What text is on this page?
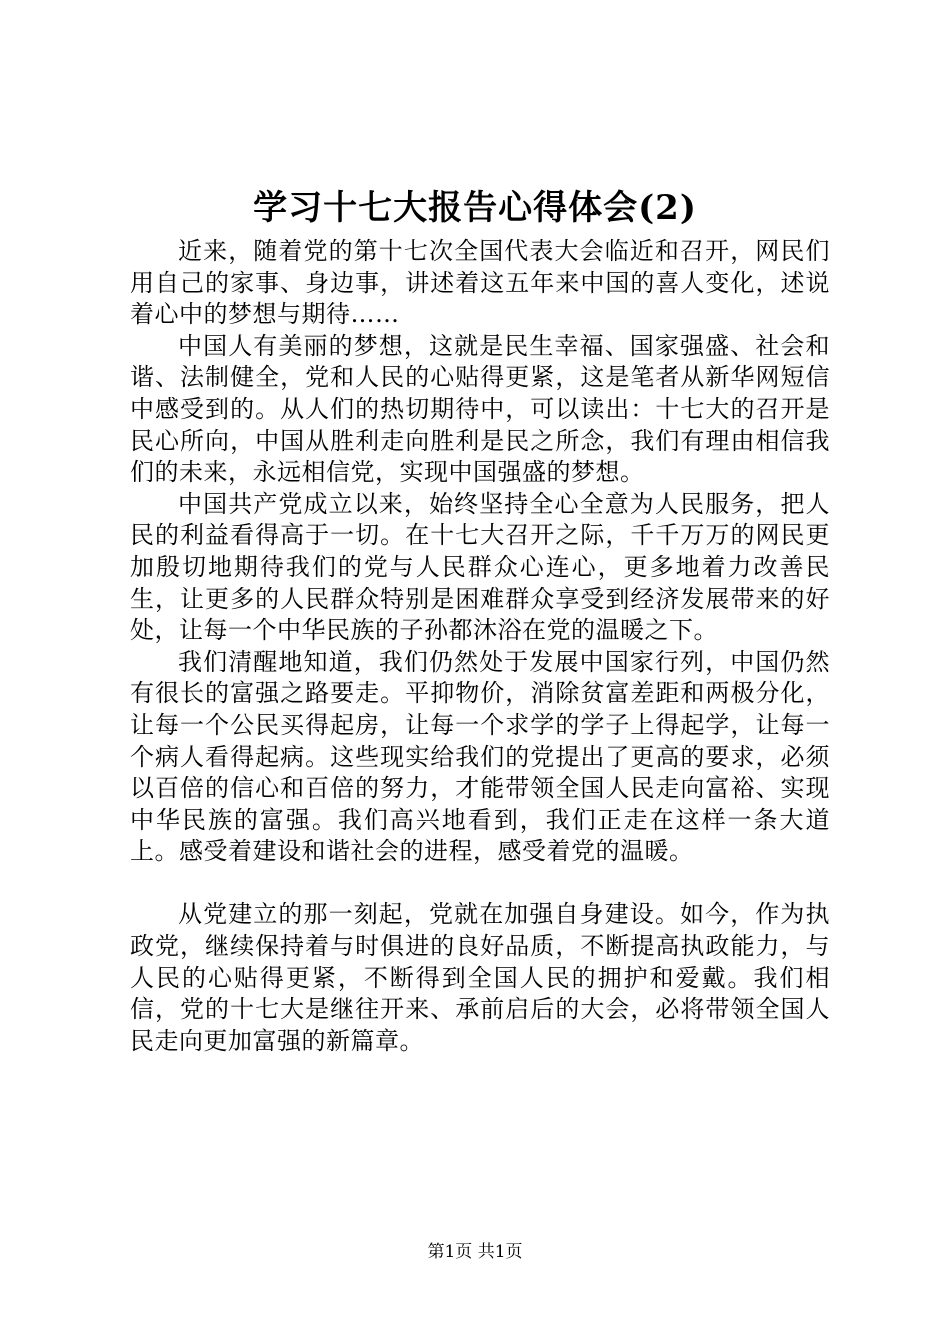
学习十七大报告心得体会(2)

近来，随着党的第十七次全国代表大会临近和召开，网民们用自己的家事、身边事，讲述着这五年来中国的喜人变化，述说着心中的梦想与期待……

中国人有美丽的梦想，这就是民生幸福、国家强盛、社会和谐、法制健全，党和人民的心贴得更紧，这是笔者从新华网短信中感受到的。从人们的热切期待中，可以读出：十七大的召开是民心所向，中国从胜利走向胜利是民之所念，我们有理由相信我们的未来，永远相信党，实现中国强盛的梦想。

中国共产党成立以来，始终坚持全心全意为人民服务，把人民的利益看得高于一切。在十七大召开之际，千千万万的网民更加殷切地期待我们的党与人民群众心连心，更多地着力改善民生，让更多的人民群众特别是困难群众享受到经济发展带来的好处，让每一个中华民族的子孙都沐浴在党的温暖之下。

我们清醒地知道，我们仍然处于发展中国家行列，中国仍然有很长的富强之路要走。平抑物价，消除贫富差距和两极分化，让每一个公民买得起房，让每一个求学的学子上得起学，让每一个病人看得起病。这些现实给我们的党提出了更高的要求，必须以百倍的信心和百倍的努力，才能带领全国人民走向富裕、实现中华民族的富强。我们高兴地看到，我们正走在这样一条大道上。感受着建设和谐社会的进程，感受着党的温暖。

从党建立的那一刻起，党就在加强自身建设。如今，作为执政党，继续保持着与时俱进的良好品质，不断提高执政能力，与人民的心贴得更紧，不断得到全国人民的拥护和爱戴。我们相信，党的十七大是继往开来、承前启后的大会，必将带领全国人民走向更加富强的新篇章。

第1页 共1页
